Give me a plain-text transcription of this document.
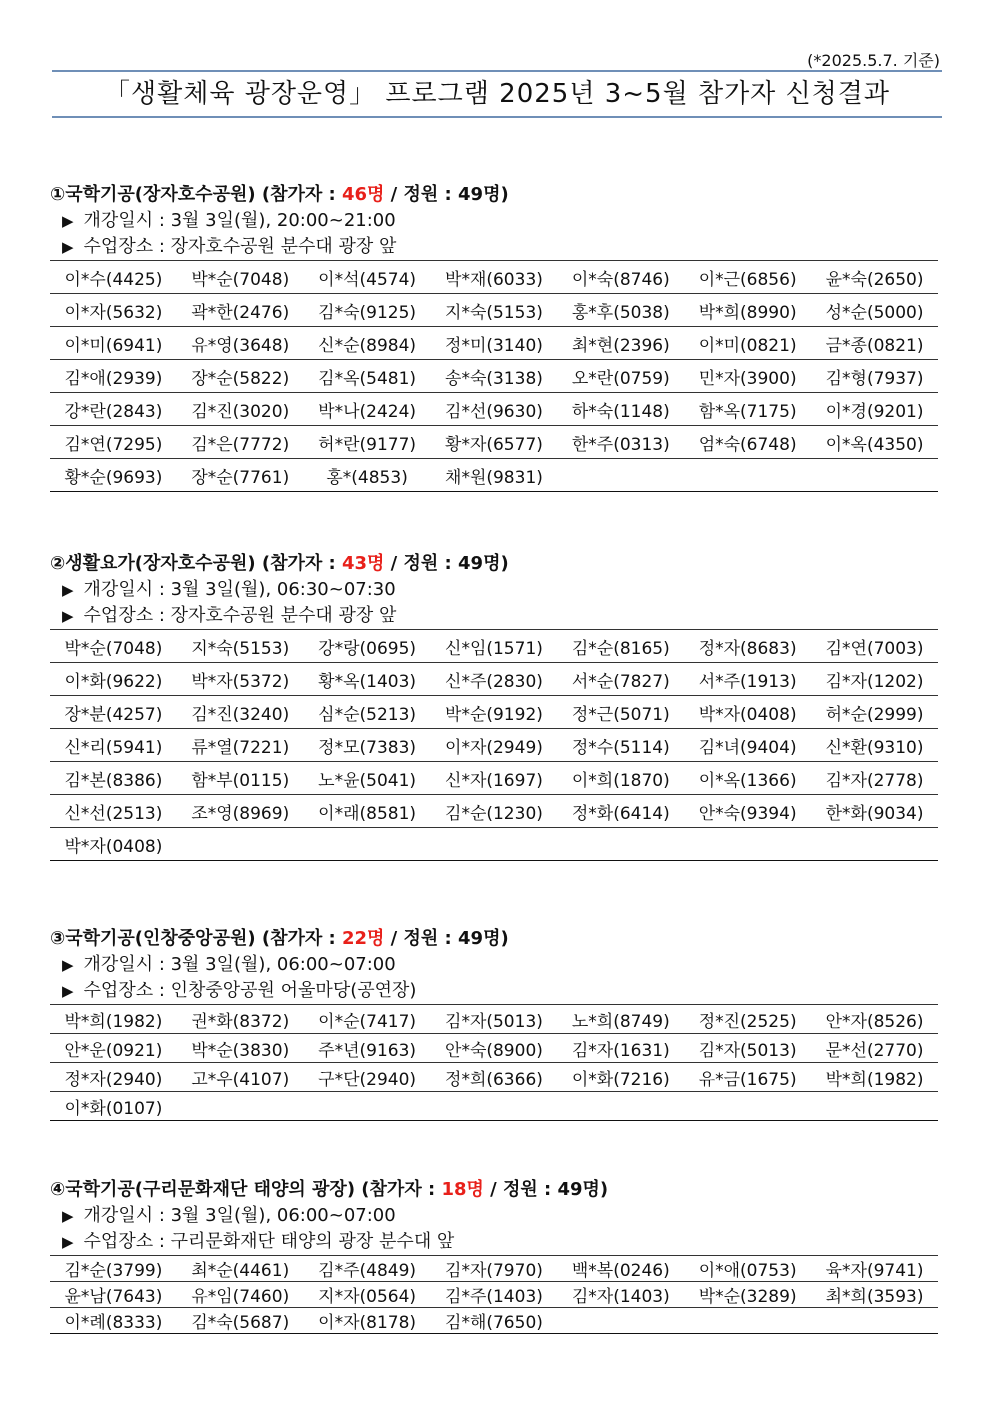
(*2025.5.7. 기준)
「생활체육 광장운영」 프로그램 2025년 3~5월 참가자 신청결과
①국학기공(장자호수공원) (참가자 : 46명 / 정원 : 49명)
▶ 개강일시 : 3월 3일(월), 20:00~21:00
▶ 수업장소 : 장자호수공원 분수대 광장 앞
이*수(4425)	박*순(7048)	이*석(4574)	박*재(6033)	이*숙(8746)	이*근(6856)	윤*숙(2650)
이*자(5632)	곽*한(2476)	김*숙(9125)	지*숙(5153)	홍*후(5038)	박*희(8990)	성*순(5000)
이*미(6941)	유*영(3648)	신*순(8984)	정*미(3140)	최*현(2396)	이*미(0821)	금*종(0821)
김*애(2939)	장*순(5822)	김*옥(5481)	송*숙(3138)	오*란(0759)	민*자(3900)	김*형(7937)
강*란(2843)	김*진(3020)	박*나(2424)	김*선(9630)	하*숙(1148)	함*옥(7175)	이*경(9201)
김*연(7295)	김*은(7772)	허*란(9177)	황*자(6577)	한*주(0313)	엄*숙(6748)	이*옥(4350)
황*순(9693)	장*순(7761)	홍*(4853)	채*원(9831)			
②생활요가(장자호수공원) (참가자 : 43명 / 정원 : 49명)
▶ 개강일시 : 3월 3일(월), 06:30~07:30
▶ 수업장소 : 장자호수공원 분수대 광장 앞
박*순(7048)	지*숙(5153)	강*랑(0695)	신*임(1571)	김*순(8165)	정*자(8683)	김*연(7003)
이*화(9622)	박*자(5372)	황*옥(1403)	신*주(2830)	서*순(7827)	서*주(1913)	김*자(1202)
장*분(4257)	김*진(3240)	심*순(5213)	박*순(9192)	정*근(5071)	박*자(0408)	허*순(2999)
신*리(5941)	류*열(7221)	정*모(7383)	이*자(2949)	정*수(5114)	김*녀(9404)	신*환(9310)
김*본(8386)	함*부(0115)	노*윤(5041)	신*자(1697)	이*희(1870)	이*옥(1366)	김*자(2778)
신*선(2513)	조*영(8969)	이*래(8581)	김*순(1230)	정*화(6414)	안*숙(9394)	한*화(9034)
박*자(0408)						
③국학기공(인창중앙공원) (참가자 : 22명 / 정원 : 49명)
▶ 개강일시 : 3월 3일(월), 06:00~07:00
▶ 수업장소 : 인창중앙공원 어울마당(공연장)
박*희(1982)	권*화(8372)	이*순(7417)	김*자(5013)	노*희(8749)	정*진(2525)	안*자(8526)
안*운(0921)	박*순(3830)	주*년(9163)	안*숙(8900)	김*자(1631)	김*자(5013)	문*선(2770)
정*자(2940)	고*우(4107)	구*단(2940)	정*희(6366)	이*화(7216)	유*금(1675)	박*희(1982)
이*화(0107)						
④국학기공(구리문화재단 태양의 광장) (참가자 : 18명 / 정원 : 49명)
▶ 개강일시 : 3월 3일(월), 06:00~07:00
▶ 수업장소 : 구리문화재단 태양의 광장 분수대 앞
김*순(3799)	최*순(4461)	김*주(4849)	김*자(7970)	백*복(0246)	이*애(0753)	육*자(9741)
윤*남(7643)	유*임(7460)	지*자(0564)	김*주(1403)	김*자(1403)	박*순(3289)	최*희(3593)
이*례(8333)	김*숙(5687)	이*자(8178)	김*해(7650)			
